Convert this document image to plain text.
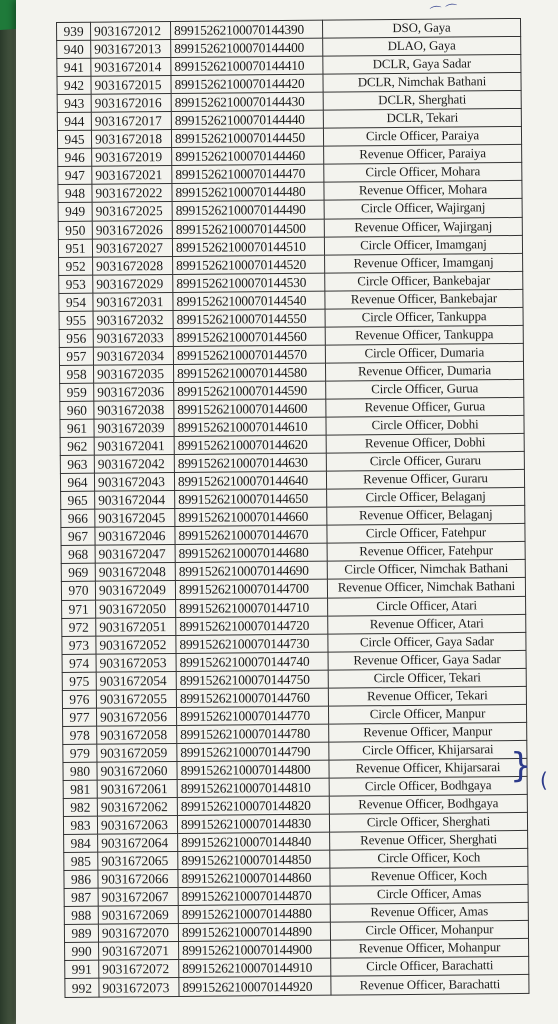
939	9031672012	89915262100070144390	DSO, Gaya
940	9031672013	89915262100070144400	DLAO, Gaya
941	9031672014	89915262100070144410	DCLR, Gaya Sadar
942	9031672015	89915262100070144420	DCLR, Nimchak Bathani
943	9031672016	89915262100070144430	DCLR, Sherghati
944	9031672017	89915262100070144440	DCLR, Tekari
945	9031672018	89915262100070144450	Circle Officer, Paraiya
946	9031672019	89915262100070144460	Revenue Officer, Paraiya
947	9031672021	89915262100070144470	Circle Officer, Mohara
948	9031672022	89915262100070144480	Revenue Officer, Mohara
949	9031672025	89915262100070144490	Circle Officer, Wajirganj
950	9031672026	89915262100070144500	Revenue Officer, Wajirganj
951	9031672027	89915262100070144510	Circle Officer, Imamganj
952	9031672028	89915262100070144520	Revenue Officer, Imamganj
953	9031672029	89915262100070144530	Circle Officer, Bankebajar
954	9031672031	89915262100070144540	Revenue Officer, Bankebajar
955	9031672032	89915262100070144550	Circle Officer, Tankuppa
956	9031672033	89915262100070144560	Revenue Officer, Tankuppa
957	9031672034	89915262100070144570	Circle Officer, Dumaria
958	9031672035	89915262100070144580	Revenue Officer, Dumaria
959	9031672036	89915262100070144590	Circle Officer, Gurua
960	9031672038	89915262100070144600	Revenue Officer, Gurua
961	9031672039	89915262100070144610	Circle Officer, Dobhi
962	9031672041	89915262100070144620	Revenue Officer, Dobhi
963	9031672042	89915262100070144630	Circle Officer, Guraru
964	9031672043	89915262100070144640	Revenue Officer, Guraru
965	9031672044	89915262100070144650	Circle Officer, Belaganj
966	9031672045	89915262100070144660	Revenue Officer, Belaganj
967	9031672046	89915262100070144670	Circle Officer, Fatehpur
968	9031672047	89915262100070144680	Revenue Officer, Fatehpur
969	9031672048	89915262100070144690	Circle Officer, Nimchak Bathani
970	9031672049	89915262100070144700	Revenue Officer, Nimchak Bathani
971	9031672050	89915262100070144710	Circle Officer, Atari
972	9031672051	89915262100070144720	Revenue Officer, Atari
973	9031672052	89915262100070144730	Circle Officer, Gaya Sadar
974	9031672053	89915262100070144740	Revenue Officer, Gaya Sadar
975	9031672054	89915262100070144750	Circle Officer, Tekari
976	9031672055	89915262100070144760	Revenue Officer, Tekari
977	9031672056	89915262100070144770	Circle Officer, Manpur
978	9031672058	89915262100070144780	Revenue Officer, Manpur
979	9031672059	89915262100070144790	Circle Officer, Khijarsarai
980	9031672060	89915262100070144800	Revenue Officer, Khijarsarai
981	9031672061	89915262100070144810	Circle Officer, Bodhgaya
982	9031672062	89915262100070144820	Revenue Officer, Bodhgaya
983	9031672063	89915262100070144830	Circle Officer, Sherghati
984	9031672064	89915262100070144840	Revenue Officer, Sherghati
985	9031672065	89915262100070144850	Circle Officer, Koch
986	9031672066	89915262100070144860	Revenue Officer, Koch
987	9031672067	89915262100070144870	Circle Officer, Amas
988	9031672069	89915262100070144880	Revenue Officer, Amas
989	9031672070	89915262100070144890	Circle Officer, Mohanpur
990	9031672071	89915262100070144900	Revenue Officer, Mohanpur
991	9031672072	89915262100070144910	Circle Officer, Barachatti
992	9031672073	89915262100070144920	Revenue Officer, Barachatti
⌒ ⌒
} (
